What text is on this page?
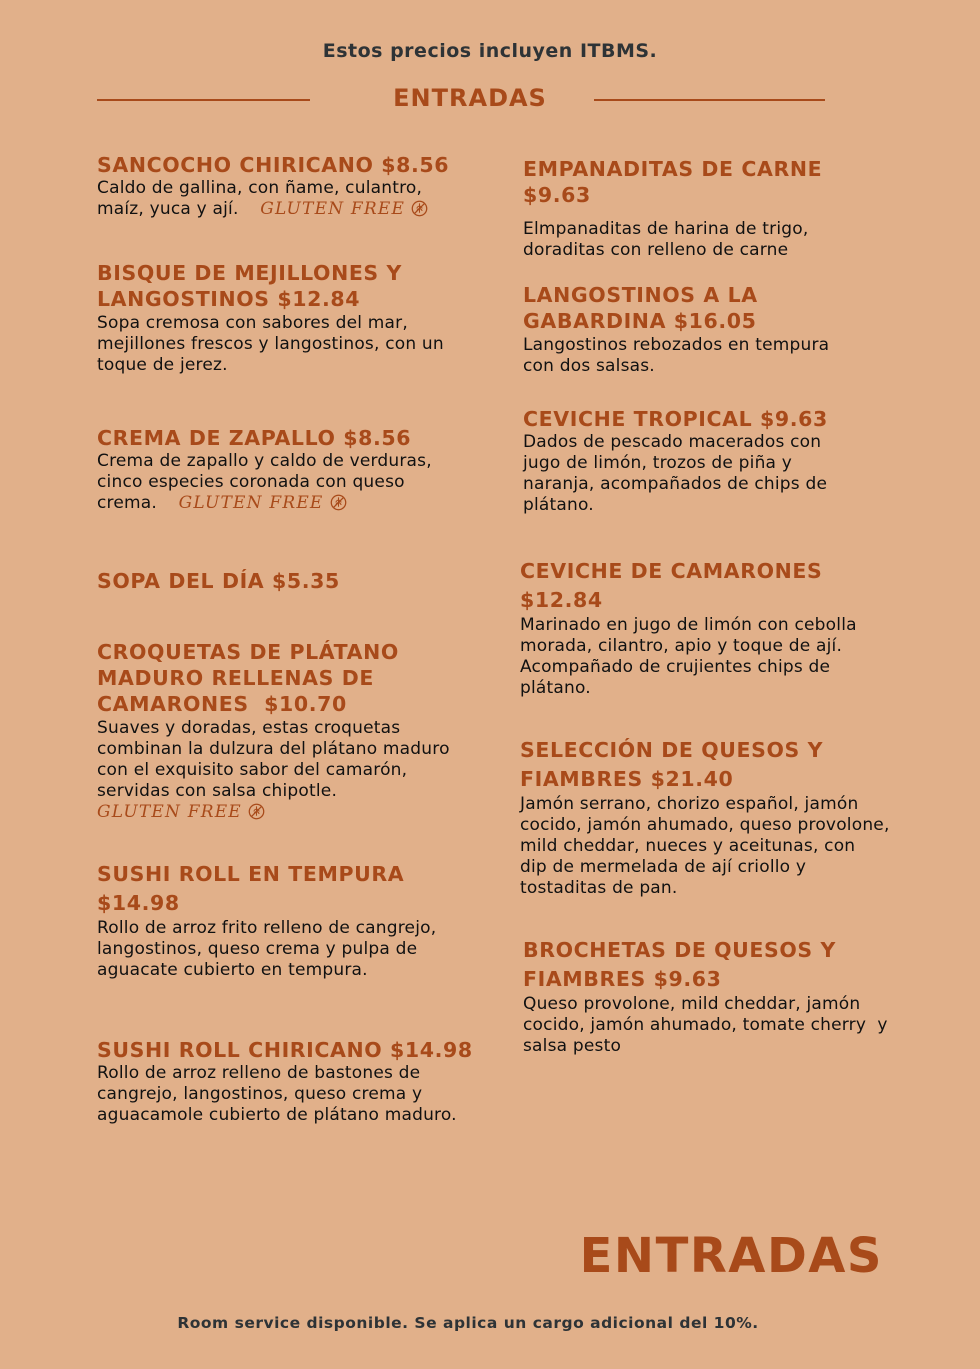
Estos precios incluyen ITBMS.
ENTRADAS

SANCOCHO CHIRICANO $8.56

Caldo de gallina, con ñame, culantro,
maíz, yuca y ají. GLUTEN FREE

BISQUE DE MEJILLONES Y
LANGOSTINOS $12.84

Sopa cremosa con sabores del mar,
mejillones frescos y langostinos, con un
toque de jerez.

CREMA DE ZAPALLO $8.56

Crema de zapallo y caldo de verduras,
cinco especies coronada con queso
crema. GLUTEN FREE

SOPA DEL DÍA $5.35

CROQUETAS DE PLÁTANO
MADURO RELLENAS DE
CAMARONES  $10.70

Suaves y doradas, estas croquetas
combinan la dulzura del plátano maduro
con el exquisito sabor del camarón,
servidas con salsa chipotle.
GLUTEN FREE

SUSHI ROLL EN TEMPURA
$14.98

Rollo de arroz frito relleno de cangrejo,
langostinos, queso crema y pulpa de
aguacate cubierto en tempura.

SUSHI ROLL CHIRICANO $14.98

Rollo de arroz relleno de bastones de
cangrejo, langostinos, queso crema y
aguacamole cubierto de plátano maduro.

EMPANADITAS DE CARNE
$9.63

Elmpanaditas de harina de trigo,
doraditas con relleno de carne

LANGOSTINOS A LA
GABARDINA $16.05

Langostinos rebozados en tempura
con dos salsas.

CEVICHE TROPICAL $9.63

Dados de pescado macerados con
jugo de limón, trozos de piña y
naranja, acompañados de chips de
plátano.

CEVICHE DE CAMARONES
$12.84

Marinado en jugo de limón con cebolla
morada, cilantro, apio y toque de ají.
Acompañado de crujientes chips de
plátano.

SELECCIÓN DE QUESOS Y
FIAMBRES $21.40

Jamón serrano, chorizo español, jamón
cocido, jamón ahumado, queso provolone,
mild cheddar, nueces y aceitunas, con
dip de mermelada de ají criollo y
tostaditas de pan.

BROCHETAS DE QUESOS Y
FIAMBRES $9.63

Queso provolone, mild cheddar, jamón
cocido, jamón ahumado, tomate cherry  y
salsa pesto

ENTRADAS
Room service disponible. Se aplica un cargo adicional del 10%.
